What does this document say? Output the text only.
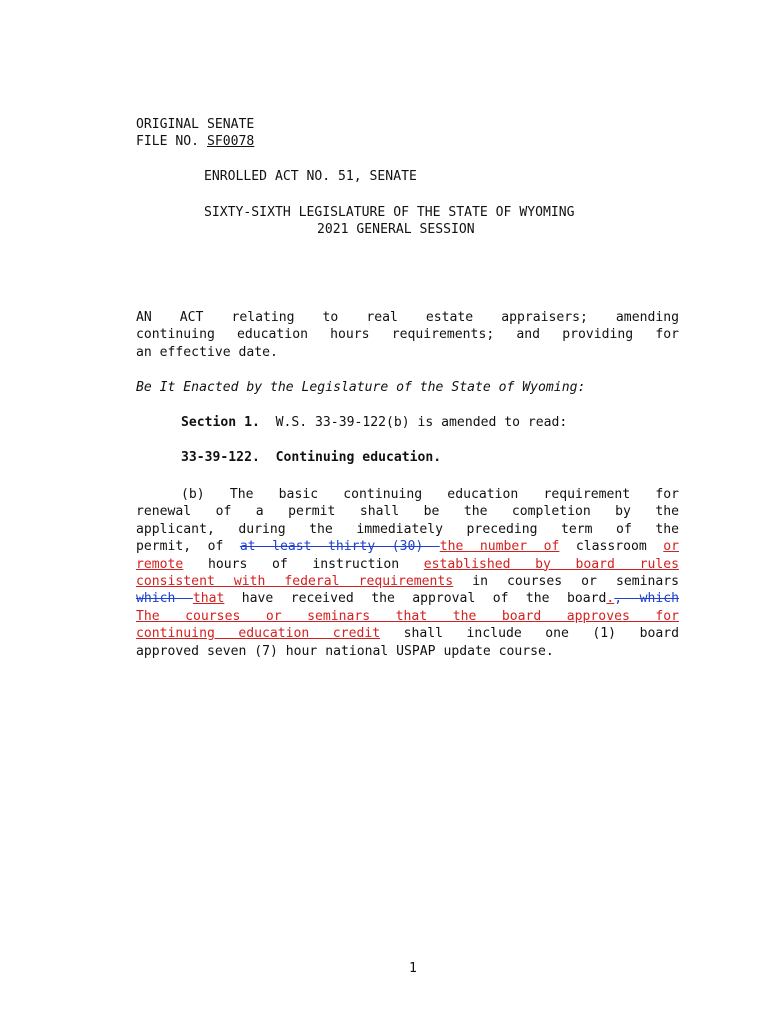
ORIGINAL SENATE
FILE NO. SF0078
ENROLLED ACT NO. 51, SENATE
SIXTY-SIXTH LEGISLATURE OF THE STATE OF WYOMING
2021 GENERAL SESSION
AN ACT relating to real estate appraisers; amending
continuing education hours requirements; and providing for
an effective date.
Be It Enacted by the Legislature of the State of Wyoming:
Section 1. W.S. 33-39-122(b) is amended to read:
33-39-122.  Continuing education.
(b) The basic continuing education requirement for
renewal of a permit shall be the completion by the
applicant, during the immediately preceding term of the
permit, of at least thirty (30) the number of classroom or
remote hours of instruction established by board rules
consistent with federal requirements in courses or seminars
which that have received the approval of the board., which
The courses or seminars that the board approves for
continuing education credit shall include one (1) board
approved seven (7) hour national USPAP update course.
1
